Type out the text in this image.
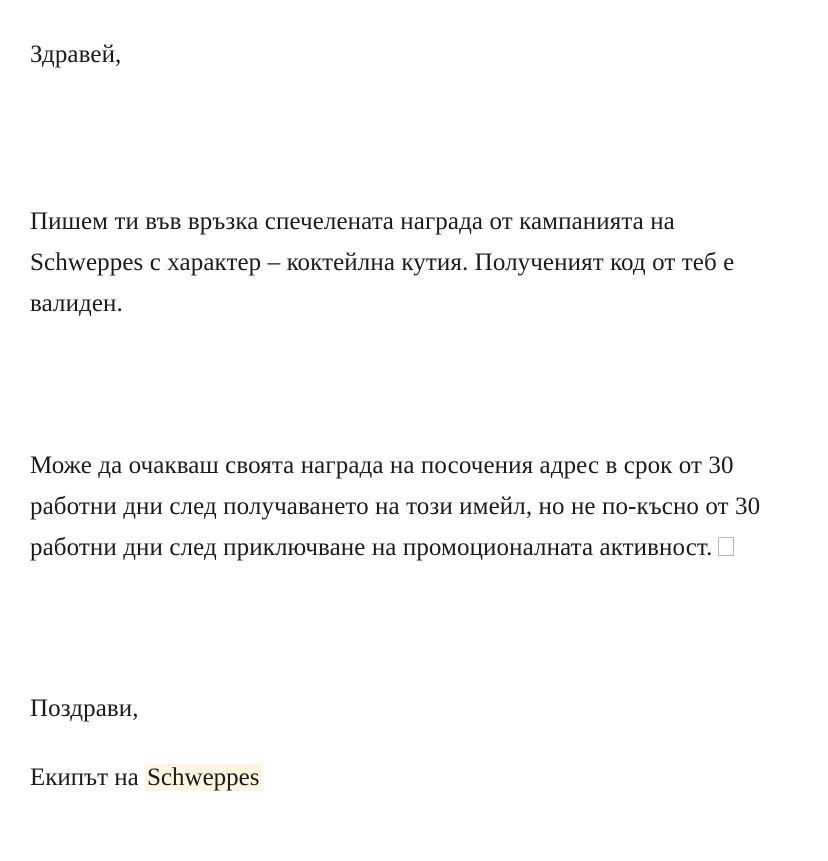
Здравей,

Пишем ти във връзка спечеленатa награда от кампанията на Schweppes с характер – коктейлна кутия. Полученият код от теб е валиден.

Може да очакваш своята награда на посочения адрес в срок от 30 работни дни след получаването на този имейл, но не по-късно от 30 работни дни след приключване на промоционалната активност.

Поздрави,

Екипът на Schweppes
